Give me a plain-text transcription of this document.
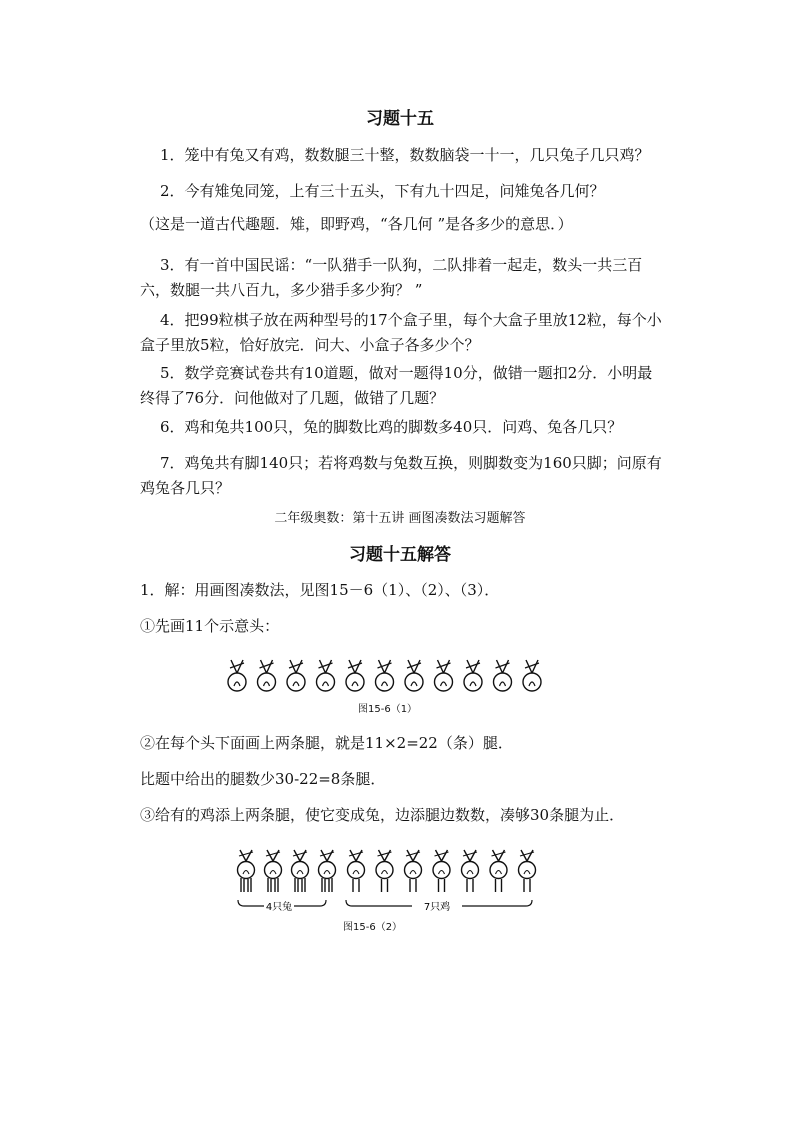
习题十五
1．笼中有兔又有鸡，数数腿三十整，数数脑袋一十一，几只兔子几只鸡？
2．今有雉兔同笼，上有三十五头，下有九十四足，问雉兔各几何？
（这是一道古代趣题．雉，即野鸡，“各几何 ”是各多少的意思．）
3．有一首中国民谣：“一队猎手一队狗，二队排着一起走，数头一共三百
六，数腿一共八百九，多少猎手多少狗？ ”
4．把99粒棋子放在两种型号的17个盒子里，每个大盒子里放12粒，每个小
盒子里放5粒，恰好放完．问大、小盒子各多少个？
5．数学竞赛试卷共有10道题，做对一题得10分，做错一题扣2分．小明最
终得了76分．问他做对了几题，做错了几题？
6．鸡和兔共100只，兔的脚数比鸡的脚数多40只．问鸡、兔各几只？
7．鸡兔共有脚140只；若将鸡数与兔数互换，则脚数变为160只脚；问原有
鸡兔各几只？
二年级奥数：第十五讲 画图凑数法习题解答
习题十五解答
1．解：用画图凑数法，见图15－6（1）、（2）、（3）．
①先画11个示意头：
图15-6（1）
②在每个头下面画上两条腿，就是11×2=22（条）腿．
比题中给出的腿数少30-22=8条腿．
③给有的鸡添上两条腿，使它变成兔，边添腿边数数，凑够30条腿为止．
4只兔	7只鸡
图15-6（2）
